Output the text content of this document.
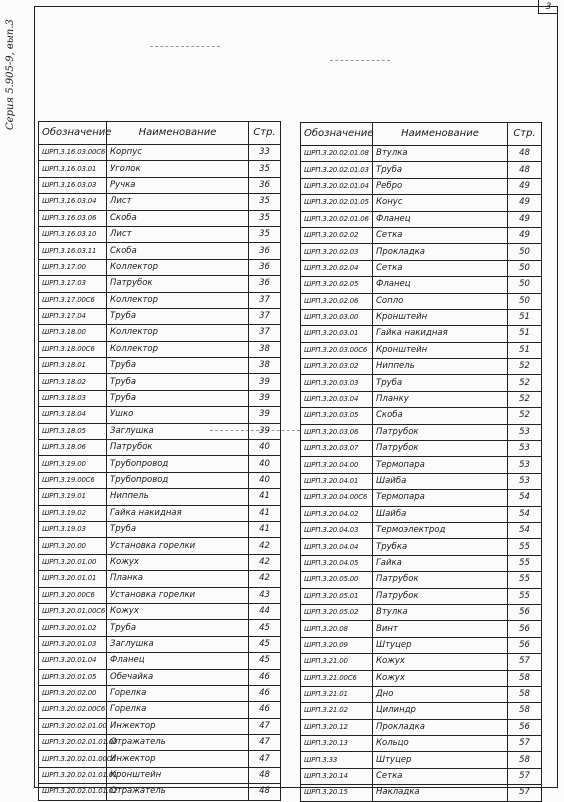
3
Серия 5.905-9, вып.3
Обозначение	Наименование	Стр.
ШРП.3.16.03.00С6	Корпус	33
ШРП.3.16.03.01	Уголок	35
ШРП.3.16.03.03	Ручка	36
ШРП.3.16.03.04	Лист	35
ШРП.3.16.03.06	Скоба	35
ШРП.3.16.03.10	Лист	35
ШРП.3.16.03.11	Скоба	36
ШРП.3.17.00	Коллектор	36
ШРП.3.17.03	Патрубок	36
ШРП.3.17.00С6	Коллектор	37
ШРП.3.17.04	Труба	37
ШРП.3.18.00	Коллектор	37
ШРП.3.18.00С6	Коллектор	38
ШРП.3.18.01	Труба	38
ШРП.3.18.02	Труба	39
ШРП.3.18.03	Труба	39
ШРП.3.18.04	Ушко	39
ШРП.3.18.05	Заглушка	39
ШРП.3.18.06	Патрубок	40
ШРП.3.19.00	Трубопровод	40
ШРП.3.19.00С6	Трубопровод	40
ШРП.3.19.01	Ниппель	41
ШРП.3.19.02	Гайка накидная	41
ШРП.3.19.03	Труба	41
ШРП.3.20.00	Установка горелки	42
ШРП.3.20.01.00	Кожух	42
ШРП.3.20.01.01	Планка	42
ШРП.3.20.00С6	Установка горелки	43
ШРП.3.20.01.00С6	Кожух	44
ШРП.3.20.01.02	Труба	45
ШРП.3.20.01.03	Заглушка	45
ШРП.3.20.01.04	Фланец	45
ШРП.3.20.01.05	Обечайка	46
ШРП.3.20.02.00	Горелка	46
ШРП.3.20.02.00С6	Горелка	46
ШРП.3.20.02.01.00	Инжектор	47
ШРП.3.20.02.01.01.00	Отражатель	47
ШРП.3.20.02.01.00С6	Инжектор	47
ШРП.3.20.02.01.01.01	Кронштейн	48
ШРП.3.20.02.01.01.02	Отражатель	48
Обозначение	Наименование	Стр.
ШРП.3.20.02.01.08	Втулка	48
ШРП.3.20.02.01.03	Труба	48
ШРП.3.20.02.01.04	Ребро	49
ШРП.3.20.02.01.05	Конус	49
ШРП.3.20.02.01.06	Фланец	49
ШРП.3.20.02.02	Сетка	49
ШРП.3.20.02.03	Прокладка	50
ШРП.3.20.02.04	Сетка	50
ШРП.3.20.02.05	Фланец	50
ШРП.3.20.02.06	Сопло	50
ШРП.3.20.03.00	Кронштейн	51
ШРП.3.20.03.01	Гайка накидная	51
ШРП.3.20.03.00С6	Кронштейн	51
ШРП.3.20.03.02	Ниппель	52
ШРП.3.20.03.03	Труба	52
ШРП.3.20.03.04	Планку	52
ШРП.3.20.03.05	Скоба	52
ШРП.3.20.03.06	Патрубок	53
ШРП.3.20.03.07	Патрубок	53
ШРП.3.20.04.00	Термопара	53
ШРП.3.20.04.01	Шайба	53
ШРП.3.20.04.00С6	Термопара	54
ШРП.3.20.04.02	Шайба	54
ШРП.3.20.04.03	Термоэлектрод	54
ШРП.3.20.04.04	Трубка	55
ШРП.3.20.04.05	Гайка	55
ШРП.3.20.05.00	Патрубок	55
ШРП.3.20.05.01	Патрубок	55
ШРП.3.20.05.02	Втулка	56
ШРП.3.20.08	Винт	56
ШРП.3.20.09	Штуцер	56
ШРП.3.21.00	Кожух	57
ШРП.3.21.00С6	Кожух	58
ШРП.3.21.01	Дно	58
ШРП.3.21.02	Цилиндр	58
ШРП.3.20.12	Прокладка	56
ШРП.3.20.13	Кольцо	57
ШРП.3.33	Штуцер	58
ШРП.3.20.14	Сетка	57
ШРП.3.20.15	Накладка	57
